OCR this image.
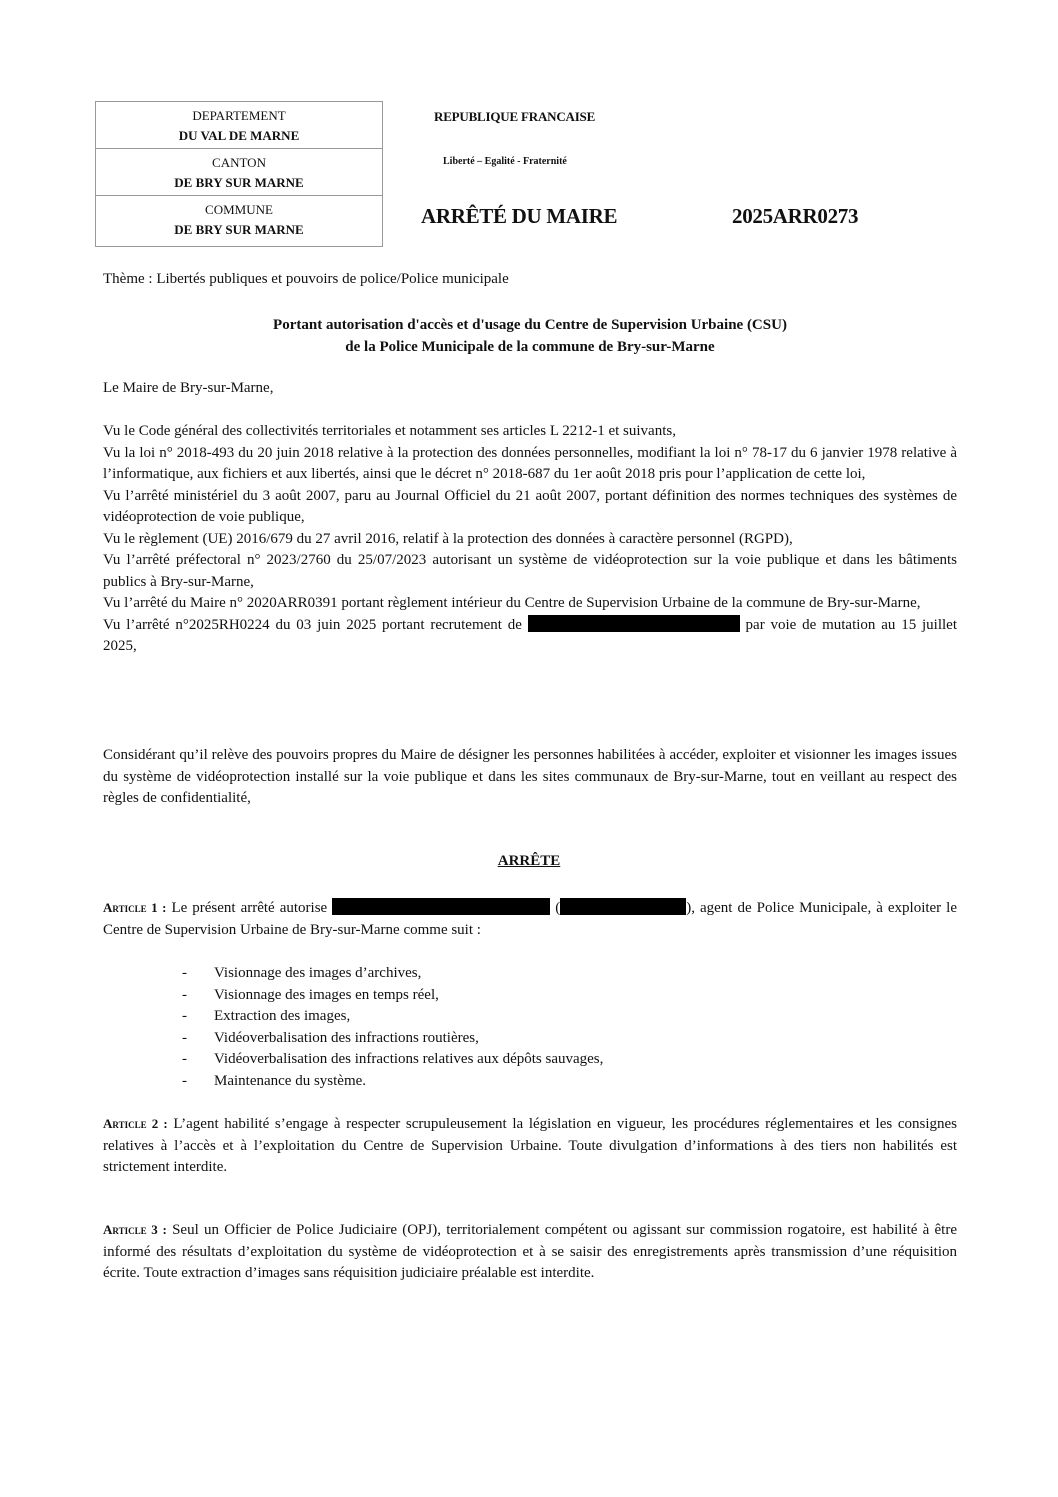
DEPARTEMENT
DU VAL DE MARNE
CANTON
DE BRY SUR MARNE
COMMUNE
DE BRY SUR MARNE
REPUBLIQUE FRANCAISE
Liberté – Egalité - Fraternité
ARRÊTÉ DU MAIRE	2025ARR0273
Thème : Libertés publiques et pouvoirs de police/Police municipale
Portant autorisation d'accès et d'usage du Centre de Supervision Urbaine (CSU)
de la Police Municipale de la commune de Bry-sur-Marne
Le Maire de Bry-sur-Marne,

Vu le Code général des collectivités territoriales et notamment ses articles L 2212-1 et suivants,

Vu la loi n° 2018-493 du 20 juin 2018 relative à la protection des données personnelles, modifiant la loi n° 78-17 du 6 janvier 1978 relative à l’informatique, aux fichiers et aux libertés, ainsi que le décret n° 2018-687 du 1er août 2018 pris pour l’application de cette loi,

Vu l’arrêté ministériel du 3 août 2007, paru au Journal Officiel du 21 août 2007, portant définition des normes techniques des systèmes de vidéoprotection de voie publique,

Vu le règlement (UE) 2016/679 du 27 avril 2016, relatif à la protection des données à caractère personnel (RGPD),

Vu l’arrêté préfectoral n° 2023/2760 du 25/07/2023 autorisant un système de vidéoprotection sur la voie publique et dans les bâtiments publics à Bry-sur-Marne,

Vu l’arrêté du Maire n° 2020ARR0391 portant règlement intérieur du Centre de Supervision Urbaine de la commune de Bry-sur-Marne,

Vu l’arrêté n°2025RH0224 du 03 juin 2025 portant recrutement de	par voie de mutation au 15 juillet 2025,

Considérant qu’il relève des pouvoirs propres du Maire de désigner les personnes habilitées à accéder, exploiter et visionner les images issues du système de vidéoprotection installé sur la voie publique et dans les sites communaux de Bry-sur-Marne, tout en veillant au respect des règles de confidentialité,

ARRÊTE

Article 1 : Le présent arrêté autorise	(	), agent de Police Municipale, à exploiter le Centre de Supervision Urbaine de Bry-sur-Marne comme suit :

- Visionnage des images d’archives,
- Visionnage des images en temps réel,
- Extraction des images,
- Vidéoverbalisation des infractions routières,
- Vidéoverbalisation des infractions relatives aux dépôts sauvages,
- Maintenance du système.

Article 2 : L’agent habilité s’engage à respecter scrupuleusement la législation en vigueur, les procédures réglementaires et les consignes relatives à l’accès et à l’exploitation du Centre de Supervision Urbaine. Toute divulgation d’informations à des tiers non habilités est strictement interdite.

Article 3 : Seul un Officier de Police Judiciaire (OPJ), territorialement compétent ou agissant sur commission rogatoire, est habilité à être informé des résultats d’exploitation du système de vidéoprotection et à se saisir des enregistrements après transmission d’une réquisition écrite. Toute extraction d’images sans réquisition judiciaire préalable est interdite.
